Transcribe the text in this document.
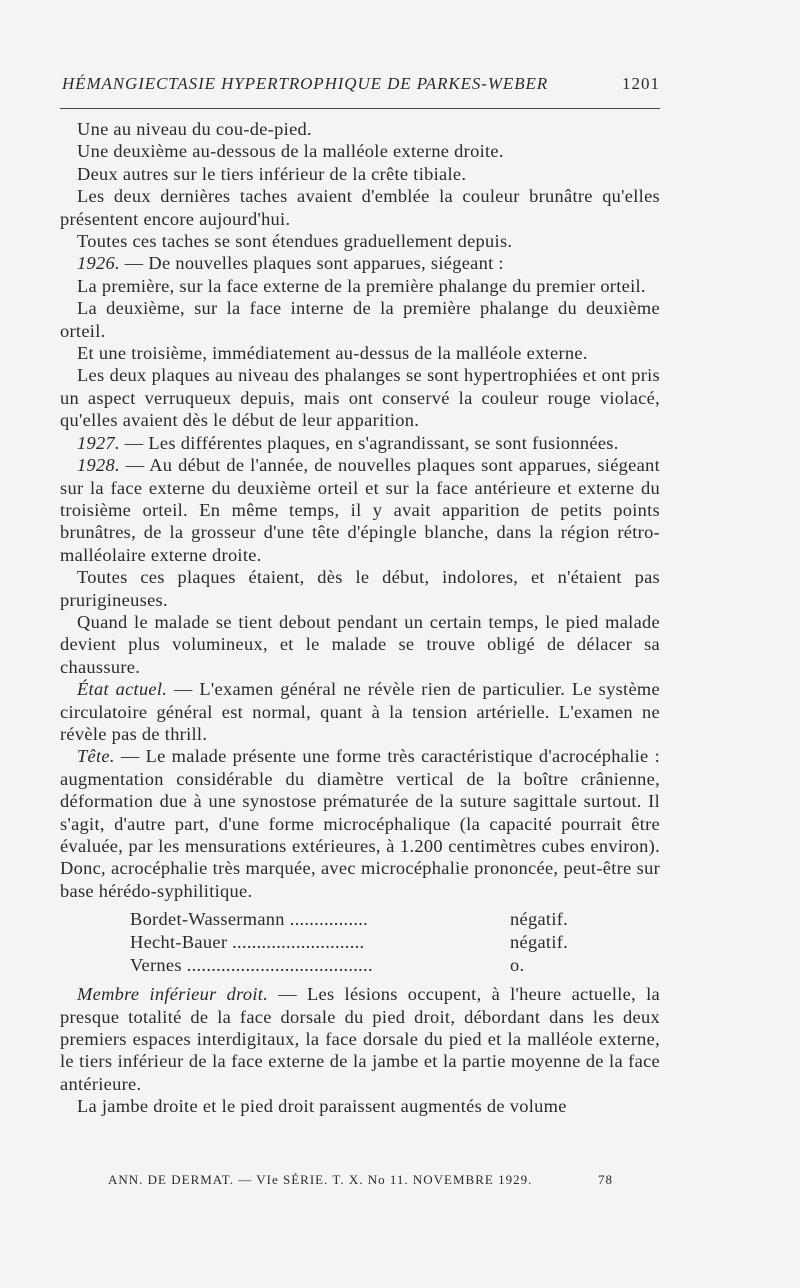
HÉMANGIECTASIE HYPERTROPHIQUE DE PARKES-WEBER	1201

Une au niveau du cou-de-pied.

Une deuxième au-dessous de la malléole externe droite.

Deux autres sur le tiers inférieur de la crête tibiale.

Les deux dernières taches avaient d'emblée la couleur brunâtre qu'elles présentent encore aujourd'hui.

Toutes ces taches se sont étendues graduellement depuis.

1926. — De nouvelles plaques sont apparues, siégeant :

La première, sur la face externe de la première phalange du premier orteil.

La deuxième, sur la face interne de la première phalange du deuxième orteil.

Et une troisième, immédiatement au-dessus de la malléole externe.

Les deux plaques au niveau des phalanges se sont hypertrophiées et ont pris un aspect verruqueux depuis, mais ont conservé la couleur rouge violacé, qu'elles avaient dès le début de leur apparition.

1927. — Les différentes plaques, en s'agrandissant, se sont fusionnées.

1928. — Au début de l'année, de nouvelles plaques sont apparues, siégeant sur la face externe du deuxième orteil et sur la face antérieure et externe du troisième orteil. En même temps, il y avait apparition de petits points brunâtres, de la grosseur d'une tête d'épingle blanche, dans la région rétro-malléolaire externe droite.

Toutes ces plaques étaient, dès le début, indolores, et n'étaient pas prurigineuses.

Quand le malade se tient debout pendant un certain temps, le pied malade devient plus volumineux, et le malade se trouve obligé de délacer sa chaussure.

État actuel. — L'examen général ne révèle rien de particulier. Le système circulatoire général est normal, quant à la tension artérielle. L'examen ne révèle pas de thrill.

Tête. — Le malade présente une forme très caractéristique d'acrocéphalie : augmentation considérable du diamètre vertical de la boître crânienne, déformation due à une synostose prématurée de la suture sagittale surtout. Il s'agit, d'autre part, d'une forme microcéphalique (la capacité pourrait être évaluée, par les mensurations extérieures, à 1.200 centimètres cubes environ). Donc, acrocéphalie très marquée, avec microcéphalie prononcée, peut-être sur base hérédo-syphilitique.

Bordet-Wassermann ................	négatif.
Hecht-Bauer ...........................	négatif.
Vernes ......................................	o.

Membre inférieur droit. — Les lésions occupent, à l'heure actuelle, la presque totalité de la face dorsale du pied droit, débordant dans les deux premiers espaces interdigitaux, la face dorsale du pied et la malléole externe, le tiers inférieur de la face externe de la jambe et la partie moyenne de la face antérieure.

La jambe droite et le pied droit paraissent augmentés de volume

ANN. DE DERMAT. — VIe SÉRIE. T. X. No 11. NOVEMBRE 1929.	78
